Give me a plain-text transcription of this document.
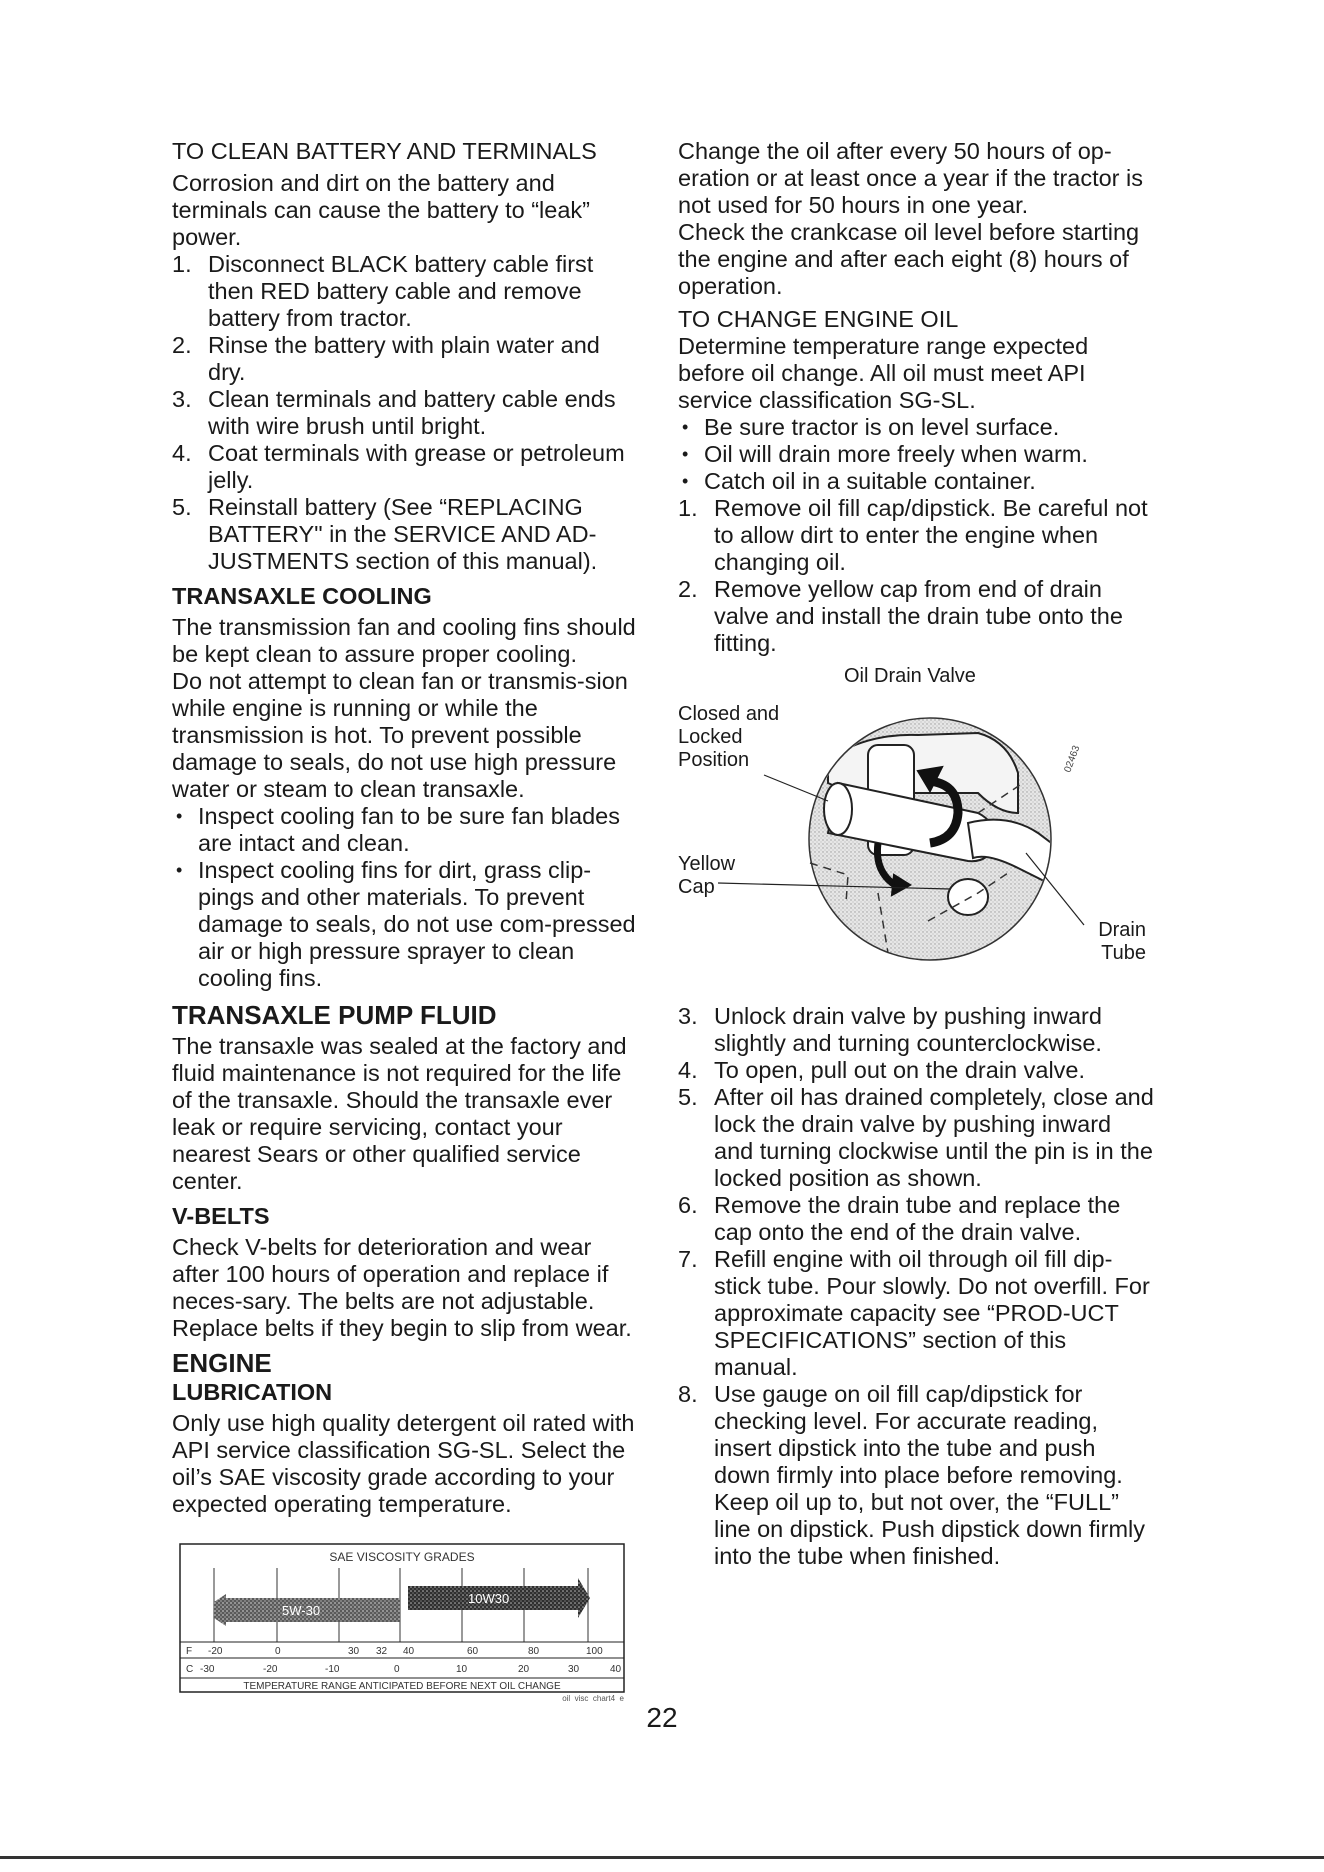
TO CLEAN BATTERY AND TERMINALS

Corrosion and dirt on the battery and terminals can cause the battery to “leak” power.

1. Disconnect BLACK battery cable first then RED battery cable and remove battery from tractor.
2. Rinse the battery with plain water and dry.
3. Clean terminals and battery cable ends with wire brush until bright.
4. Coat terminals with grease or petroleum jelly.
5. Reinstall battery (See “REPLACING BATTERY" in the SERVICE AND AD-JUSTMENTS section of this manual).

TRANSAXLE COOLING

The transmission fan and cooling fins should be kept clean to assure proper cooling.

Do not attempt to clean fan or transmis-sion while engine is running or while the transmission is hot. To prevent possible damage to seals, do not use high pressure water or steam to clean transaxle.

• Inspect cooling fan to be sure fan blades are intact and clean.
• Inspect cooling fins for dirt, grass clip-pings and other materials. To prevent damage to seals, do not use com-pressed air or high pressure sprayer to clean cooling fins.

TRANSAXLE PUMP FLUID

The transaxle was sealed at the factory and fluid maintenance is not required for the life of the transaxle. Should the transaxle ever leak or require servicing, contact your nearest Sears or other qualified service center.

V-BELTS

Check V-belts for deterioration and wear after 100 hours of operation and replace if neces-sary. The belts are not adjustable. Replace belts if they begin to slip from wear.

ENGINE

LUBRICATION

Only use high quality detergent oil rated with API service classification SG-SL. Select the oil’s SAE viscosity grade according to your expected operating temperature.

SAE VISCOSITY GRADES
10W30
5W-30
F -20	0	30 32 40	60	80	100
C -30	-20	-10	0	10	20	30	40
TEMPERATURE RANGE ANTICIPATED BEFORE NEXT OIL CHANGE
oil_visc_chart4_e

Change the oil after every 50 hours of op-eration or at least once a year if the tractor is not used for 50 hours in one year.

Check the crankcase oil level before starting the engine and after each eight (8) hours of operation.

TO CHANGE ENGINE OIL

Determine temperature range expected before oil change. All oil must meet API service classification SG-SL.

• Be sure tractor is on level surface.
• Oil will drain more freely when warm.
• Catch oil in a suitable container.
1. Remove oil fill cap/dipstick. Be careful not to allow dirt to enter the engine when changing oil.
2. Remove yellow cap from end of drain valve and install the drain tube onto the fitting.
Oil Drain Valve
02463
Closed and Locked Position
Yellow Cap
Drain Tube
3. Unlock drain valve by pushing inward slightly and turning counterclockwise.
4. To open, pull out on the drain valve.
5. After oil has drained completely, close and lock the drain valve by pushing inward and turning clockwise until the pin is in the locked position as shown.
6. Remove the drain tube and replace the cap onto the end of the drain valve.
7. Refill engine with oil through oil fill dip-stick tube. Pour slowly. Do not overfill. For approximate capacity see “PROD-UCT SPECIFICATIONS” section of this manual.
8. Use gauge on oil fill cap/dipstick for checking level. For accurate reading, insert dipstick into the tube and push down firmly into place before removing. Keep oil up to, but not over, the “FULL” line on dipstick. Push dipstick down firmly into the tube when finished.
22
